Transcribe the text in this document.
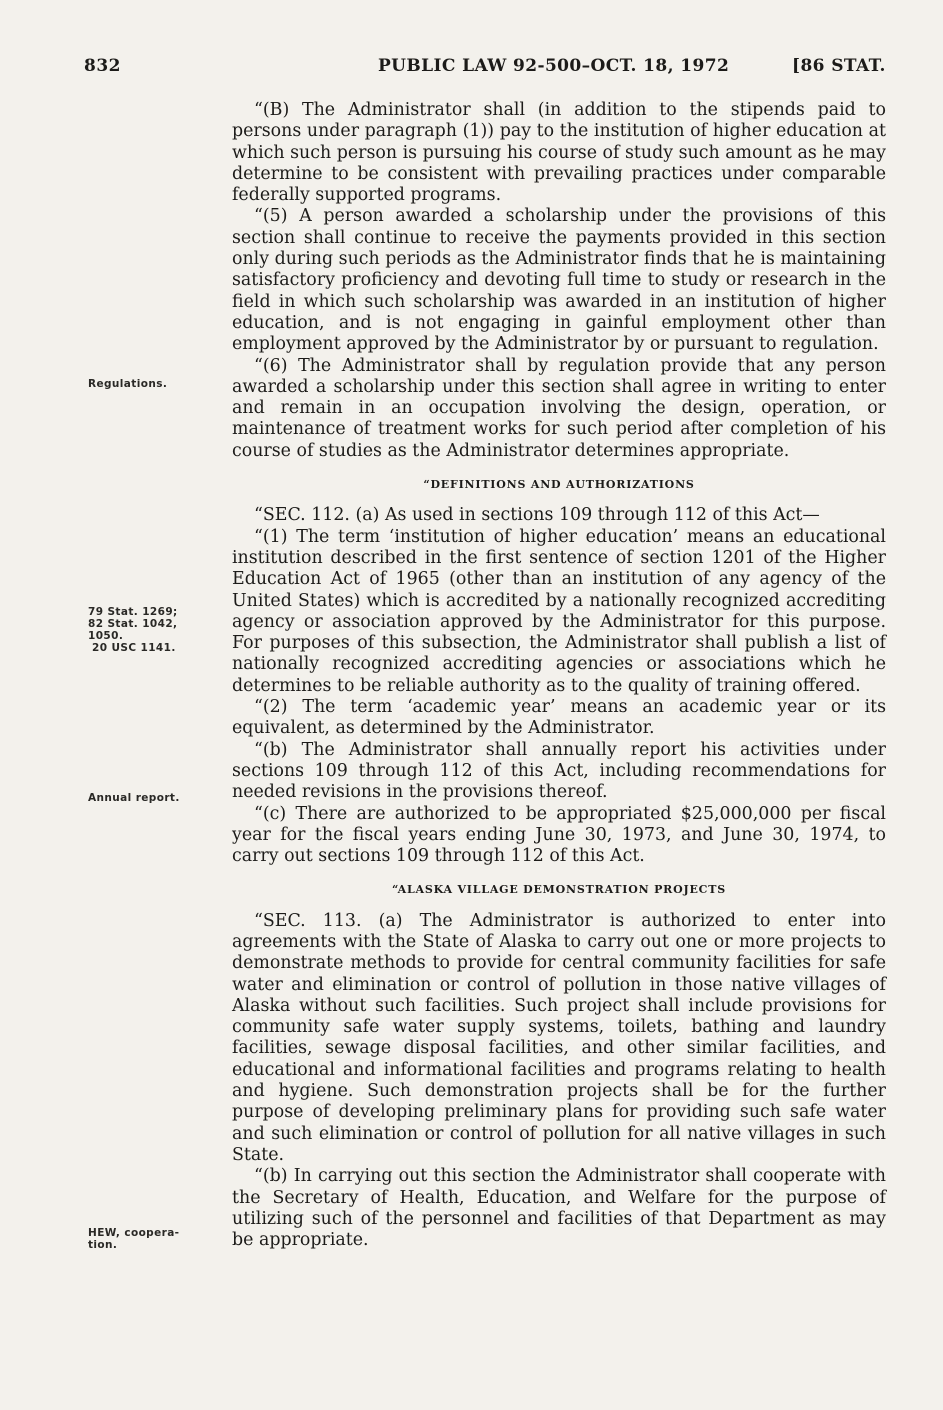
832	PUBLIC LAW 92-500–OCT. 18, 1972	[86 STAT.
Regulations.
79 Stat. 1269;
82 Stat. 1042,
1050.
20 USC 1141.
Annual report.
HEW, coopera-
tion.

“(B) The Administrator shall (in addition to the stipends paid to persons under paragraph (1)) pay to the institution of higher education at which such person is pursuing his course of study such amount as he may determine to be consistent with prevailing practices under comparable federally supported programs.

“(5) A person awarded a scholarship under the provisions of this section shall continue to receive the payments provided in this section only during such periods as the Administrator finds that he is maintaining satisfactory proficiency and devoting full time to study or research in the field in which such scholarship was awarded in an institution of higher education, and is not engaging in gainful employment other than employment approved by the Administrator by or pursuant to regulation.

“(6) The Administrator shall by regulation provide that any person awarded a scholarship under this section shall agree in writing to enter and remain in an occupation involving the design, operation, or maintenance of treatment works for such period after completion of his course of studies as the Administrator determines appropriate.

“DEFINITIONS AND AUTHORIZATIONS

“SEC. 112. (a) As used in sections 109 through 112 of this Act—

“(1) The term ‘institution of higher education’ means an educational institution described in the first sentence of section 1201 of the Higher Education Act of 1965 (other than an institution of any agency of the United States) which is accredited by a nationally recognized accrediting agency or association approved by the Administrator for this purpose. For purposes of this subsection, the Administrator shall publish a list of nationally recognized accrediting agencies or associations which he determines to be reliable authority as to the quality of training offered.

“(2) The term ‘academic year’ means an academic year or its equivalent, as determined by the Administrator.

“(b) The Administrator shall annually report his activities under sections 109 through 112 of this Act, including recommendations for needed revisions in the provisions thereof.

“(c) There are authorized to be appropriated $25,000,000 per fiscal year for the fiscal years ending June 30, 1973, and June 30, 1974, to carry out sections 109 through 112 of this Act.

“ALASKA VILLAGE DEMONSTRATION PROJECTS

“SEC. 113. (a) The Administrator is authorized to enter into agreements with the State of Alaska to carry out one or more projects to demonstrate methods to provide for central community facilities for safe water and elimination or control of pollution in those native villages of Alaska without such facilities. Such project shall include provisions for community safe water supply systems, toilets, bathing and laundry facilities, sewage disposal facilities, and other similar facilities, and educational and informational facilities and programs relating to health and hygiene. Such demonstration projects shall be for the further purpose of developing preliminary plans for providing such safe water and such elimination or control of pollution for all native villages in such State.

“(b) In carrying out this section the Administrator shall cooperate with the Secretary of Health, Education, and Welfare for the purpose of utilizing such of the personnel and facilities of that Department as may be appropriate.
